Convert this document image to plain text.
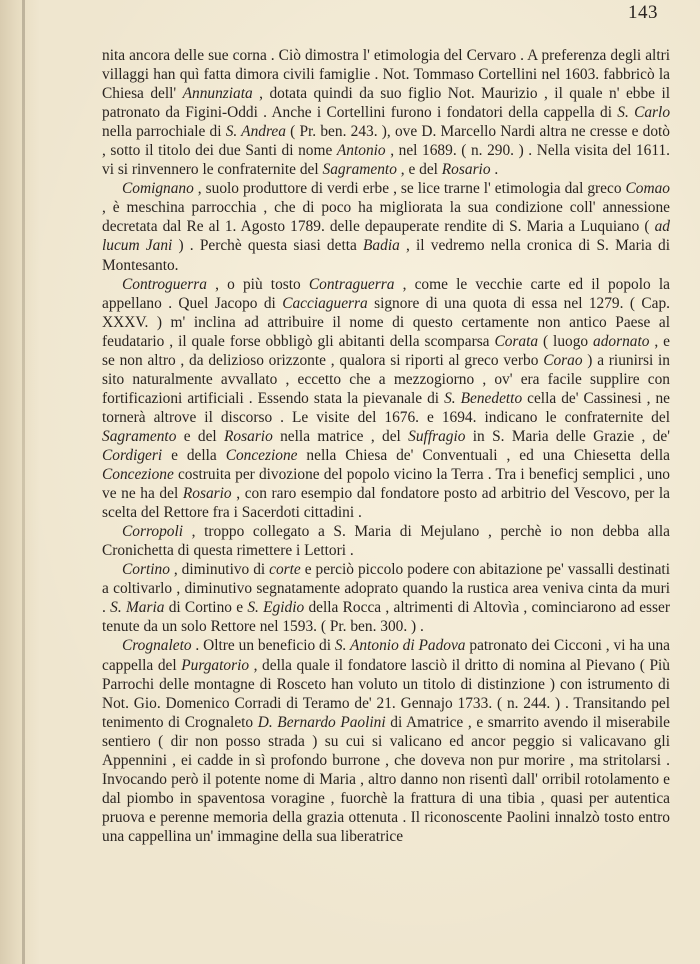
143

nita ancora delle sue corna . Ciò dimostra l' etimologia del Cervaro . A preferenza degli altri villaggi han quì fatta dimora civili famiglie . Not. Tommaso Cortellini nel 1603. fabbricò la Chiesa dell' Annunziata , dotata quindi da suo figlio Not. Maurizio , il quale n' ebbe il patronato da Figini-Oddi . Anche i Cortellini furono i fondatori della cappella di S. Carlo nella parrochiale di S. Andrea ( Pr. ben. 243. ), ove D. Marcello Nardi altra ne cresse e dotò , sotto il titolo dei due Santi di nome Antonio , nel 1689. ( n. 290. ) . Nella visita del 1611. vi si rinvennero le confraternite del Sagramento , e del Rosario .

Comignano , suolo produttore di verdi erbe , se lice trarne l' etimologia dal greco Comao , è meschina parrocchia , che di poco ha migliorata la sua condizione coll' annessione decretata dal Re al 1. Agosto 1789. delle depauperate rendite di S. Maria a Luquiano ( ad lucum Jani ) . Perchè questa siasi detta Badia , il vedremo nella cronica di S. Maria di Montesanto.

Controguerra , o più tosto Contraguerra , come le vecchie carte ed il popolo la appellano . Quel Jacopo di Cacciaguerra signore di una quota di essa nel 1279. ( Cap. XXXV. ) m' inclina ad attribuire il nome di questo certamente non antico Paese al feudatario , il quale forse obbligò gli abitanti della scomparsa Corata ( luogo adornato , e se non altro , da delizioso orizzonte , qualora si riporti al greco verbo Corao ) a riunirsi in sito naturalmente avvallato , eccetto che a mezzogiorno , ov' era facile supplire con fortificazioni artificiali . Essendo stata la pievanale di S. Benedetto cella de' Cassinesi , ne tornerà altrove il discorso . Le visite del 1676. e 1694. indicano le confraternite del Sagramento e del Rosario nella matrice , del Suffragio in S. Maria delle Grazie , de' Cordigeri e della Concezione nella Chiesa de' Conventuali , ed una Chiesetta della Concezione costruita per divozione del popolo vicino la Terra . Tra i beneficj semplici , uno ve ne ha del Rosario , con raro esempio dal fondatore posto ad arbitrio del Vescovo, per la scelta del Rettore fra i Sacerdoti cittadini .

Corropoli , troppo collegato a S. Maria di Mejulano , perchè io non debba alla Cronichetta di questa rimettere i Lettori .

Cortino , diminutivo di corte e perciò piccolo podere con abitazione pe' vassalli destinati a coltivarlo , diminutivo segnatamente adoprato quando la rustica area veniva cinta da muri . S. Maria di Cortino e S. Egidio della Rocca , altrimenti di Altovìa , cominciarono ad esser tenute da un solo Rettore nel 1593. ( Pr. ben. 300. ) .

Crognaleto . Oltre un beneficio di S. Antonio di Padova patronato dei Cicconi , vi ha una cappella del Purgatorio , della quale il fondatore lasciò il dritto di nomina al Pievano ( Più Parrochi delle montagne di Rosceto han voluto un titolo di distinzione ) con istrumento di Not. Gio. Domenico Corradi di Teramo de' 21. Gennajo 1733. ( n. 244. ) . Transitando pel tenimento di Crognaleto D. Bernardo Paolini di Amatrice , e smarrito avendo il miserabile sentiero ( dir non posso strada ) su cui si valicano ed ancor peggio si valicavano gli Appennini , ei cadde in sì profondo burrone , che doveva non pur morire , ma stritolarsi . Invocando però il potente nome di Maria , altro danno non risentì dall' orribil rotolamento e dal piombo in spaventosa voragine , fuorchè la frattura di una tibia , quasi per autentica pruova e perenne memoria della grazia ottenuta . Il riconoscente Paolini innalzò tosto entro una cappellina un' immagine della sua liberatrice
